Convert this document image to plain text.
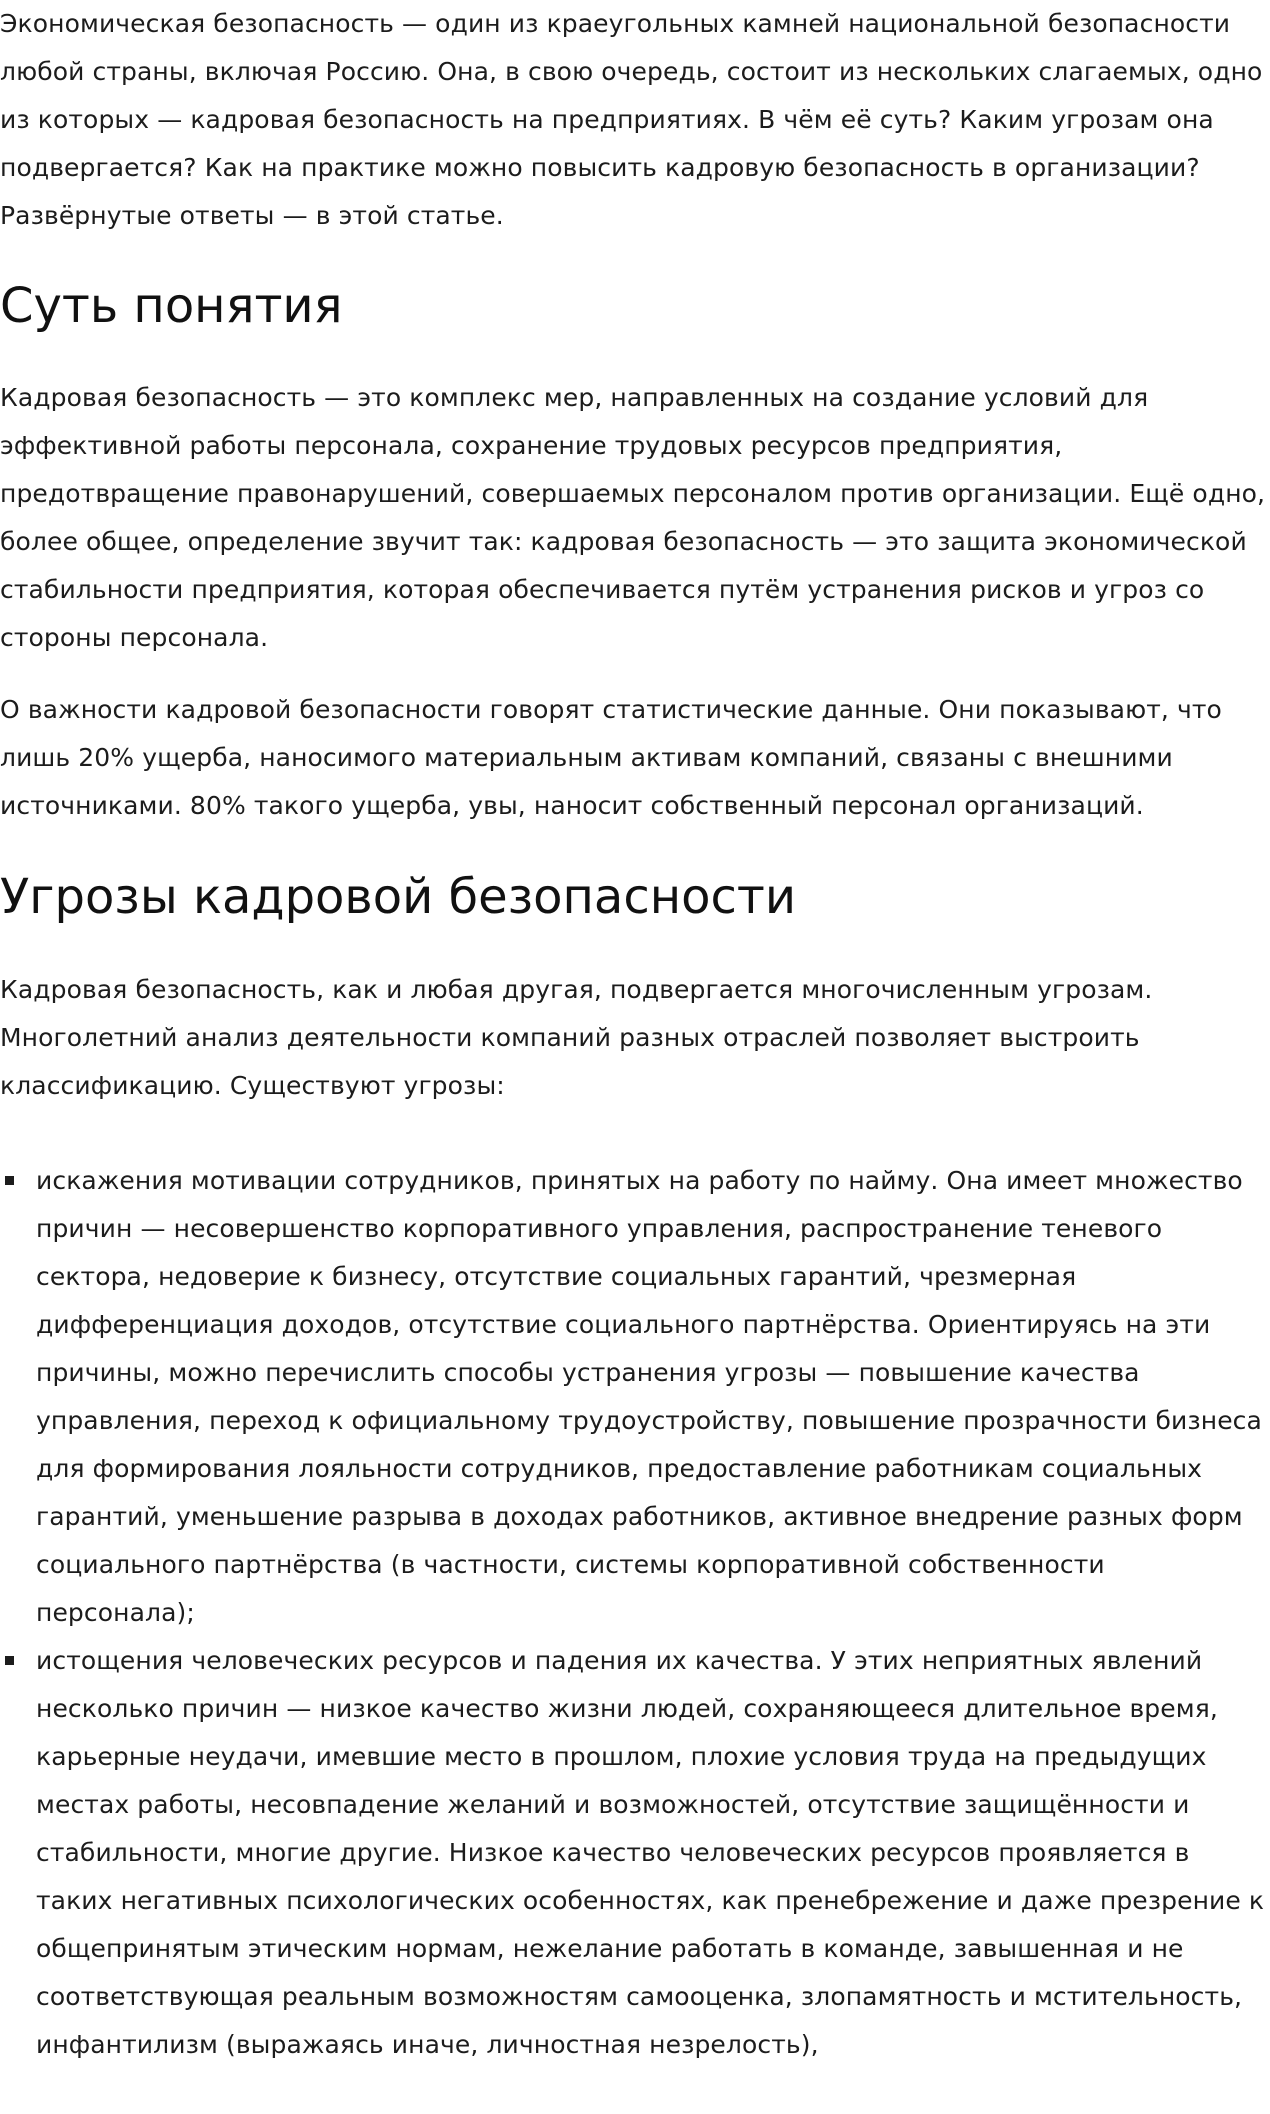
Экономическая безопасность — один из краеугольных камней национальной безопасности любой страны, включая Россию. Она, в свою очередь, состоит из нескольких слагаемых, одно из которых — кадровая безопасность на предприятиях. В чём её суть? Каким угрозам она подвергается? Как на практике можно повысить кадровую безопасность в организации? Развёрнутые ответы — в этой статье.

Суть понятия

Кадровая безопасность — это комплекс мер, направленных на создание условий для эффективной работы персонала, сохранение трудовых ресурсов предприятия, предотвращение правонарушений, совершаемых персоналом против организации. Ещё одно, более общее, определение звучит так: кадровая безопасность — это защита экономической стабильности предприятия, которая обеспечивается путём устранения рисков и угроз со стороны персонала.

О важности кадровой безопасности говорят статистические данные. Они показывают, что лишь 20% ущерба, наносимого материальным активам компаний, связаны с внешними источниками. 80% такого ущерба, увы, наносит собственный персонал организаций.

Угрозы кадровой безопасности

Кадровая безопасность, как и любая другая, подвергается многочисленным угрозам. Многолетний анализ деятельности компаний разных отраслей позволяет выстроить классификацию. Существуют угрозы:

искажения мотивации сотрудников, принятых на работу по найму. Она имеет множество причин — несовершенство корпоративного управления, распространение теневого сектора, недоверие к бизнесу, отсутствие социальных гарантий, чрезмерная дифференциация доходов, отсутствие социального партнёрства. Ориентируясь на эти причины, можно перечислить способы устранения угрозы — повышение качества управления, переход к официальному трудоустройству, повышение прозрачности бизнеса для формирования лояльности сотрудников, предоставление работникам социальных гарантий, уменьшение разрыва в доходах работников, активное внедрение разных форм социального партнёрства (в частности, системы корпоративной собственности персонала);
истощения человеческих ресурсов и падения их качества. У этих неприятных явлений несколько причин — низкое качество жизни людей, сохраняющееся длительное время, карьерные неудачи, имевшие место в прошлом, плохие условия труда на предыдущих местах работы, несовпадение желаний и возможностей, отсутствие защищённости и стабильности, многие другие. Низкое качество человеческих ресурсов проявляется в таких негативных психологических особенностях, как пренебрежение и даже презрение к общепринятым этическим нормам, нежелание работать в команде, завышенная и не соответствующая реальным возможностям самооценка, злопамятность и мстительность, инфантилизм (выражаясь иначе, личностная незрелость),
